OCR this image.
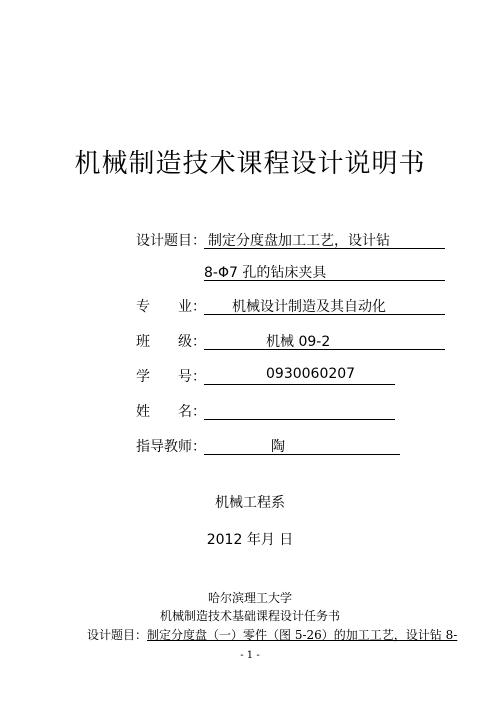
机械制造技术课程设计说明书
设计题目： 制定分度盘加工工艺，设计钻
8-Φ7 孔的钻床夹具
专　　业： 机械设计制造及其自动化
班　　级：	机械 09-2
学　　号：	0930060207
姓　　名：
指导教师：	陶
机械工程系
2012 年月 日
哈尔滨理工大学
机械制造技术基础课程设计任务书
设计题目：制定分度盘（一）零件（图 5-26）的加工工艺，设计钻 8-
- 1 -
